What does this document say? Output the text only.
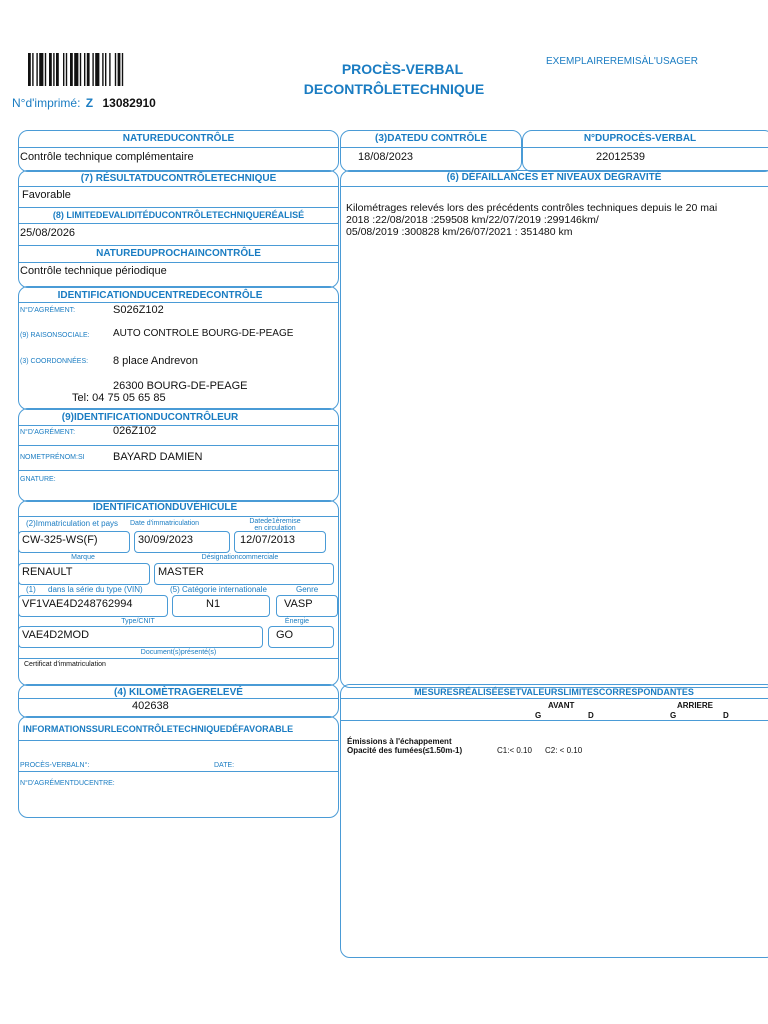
PROCÈS-VERBAL
DECONTRÔLETECHNIQUE
EXEMPLAIREREMISÀL'USAGER
N°d'imprimé: Z 13082910
NATUREDUCONTRÔLE
Contrôle technique complémentaire
(7) RÉSULTATDUCONTRÔLETECHNIQUE
Favorable
(8) LIMITEDEVALIDITÉDUCONTRÔLETECHNIQUERÉALISÉ
25/08/2026
NATUREDUPROCHAINCONTRÔLE
Contrôle technique périodique
IDENTIFICATIONDUCENTREDECONTRÔLE
N°D'AGRÉMENT:	S026Z102
(9) RAISONSOCIALE: AUTO CONTROLE BOURG-DE-PEAGE
(3) COORDONNÉES: 8 place Andrevon
26300 BOURG-DE-PEAGE
Tel: 04 75 05 65 85
(9)IDENTIFICATIONDUCONTRÔLEUR
N°D'AGRÉMENT:	026Z102
NOMETPRÉNOM:SI	BAYARD DAMIEN
GNATURE:
IDENTIFICATIONDUVÉHICULE
(2)Immatriculation et pays Date d'immatriculation	Datede1èremise
en circulation
CW-325-WS(F)	30/09/2023	12/07/2013
Marque	Désignationcommerciale
RENAULT	MASTER
(1) dans la série du type (VIN)	(5) Catégorie internationale	Genre
VF1VAE4D248762994	N1	VASP
Type/CNIT	Énergie
VAE4D2MOD	GO
Document(s)présenté(s)
Certificat d'immatriculation
(4) KILOMÈTRAGERELEVÉ
402638
INFORMATIONSSURLECONTRÔLETECHNIQUEDÉFAVORABLE
PROCÈS-VERBALN°:	DATE:
N°D'AGRÉMENTDUCENTRE:
(3)DATEDU CONTRÔLE
18/08/2023
N°DUPROCÈS-VERBAL
22012539
(6) DÉFAILLANCES ET NIVEAUX DEGRAVITÉ
Kilométrages relevés lors des précédents contrôles techniques depuis le 20 mai
2018 :22/08/2018 :259508 km/22/07/2019 :299146km/
05/08/2019 :300828 km/26/07/2021 : 351480 km
MESURESRÉALISÉESETVALEURSLIMITESCORRESPONDANTES
AVANT	ARRIERE
G	D	G	D
Émissions à l'échappement
Opacité des fumées(≤1.50m-1)	C1:< 0.10 C2: < 0.10
